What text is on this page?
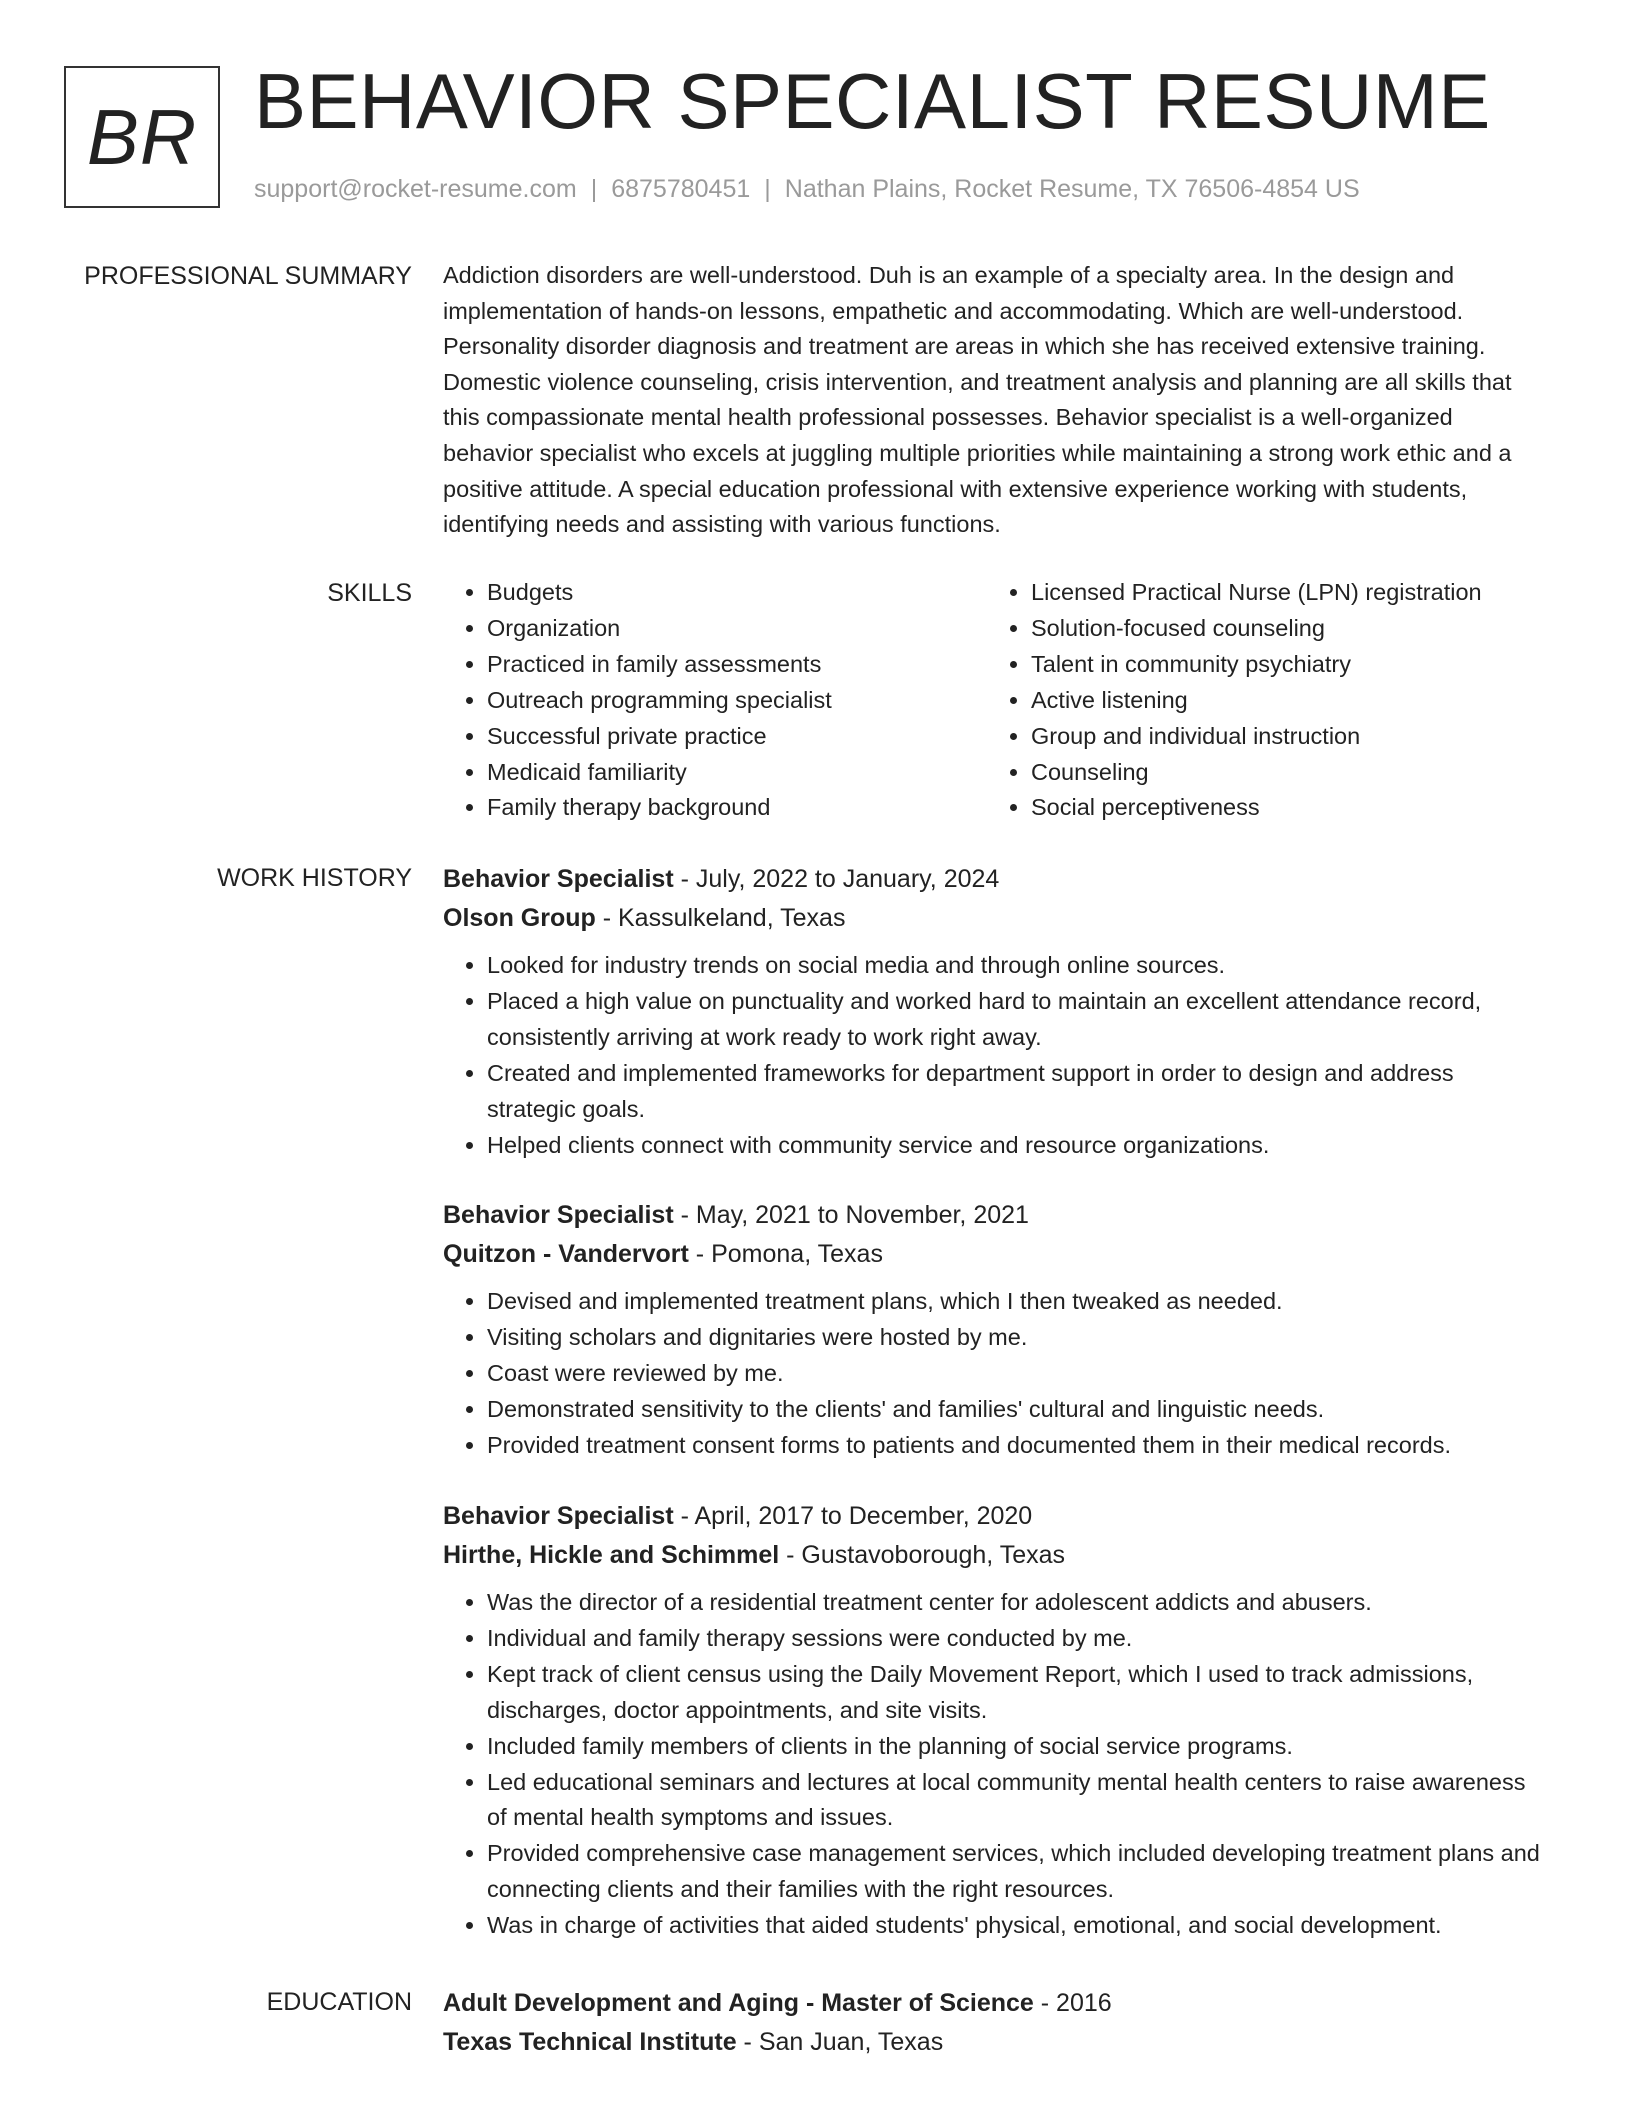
BR BEHAVIOR SPECIALIST RESUME
support@rocket-resume.com | 6875780451 | Nathan Plains, Rocket Resume, TX 76506-4854 US
PROFESSIONAL SUMMARY Addiction disorders are well-understood. Duh is an example of a specialty area. In the design and implementation of hands-on lessons, empathetic and accommodating. Which are well-understood. Personality disorder diagnosis and treatment are areas in which she has received extensive training. Domestic violence counseling, crisis intervention, and treatment analysis and planning are all skills that this compassionate mental health professional possesses. Behavior specialist is a well-organized behavior specialist who excels at juggling multiple priorities while maintaining a strong work ethic and a positive attitude. A special education professional with extensive experience working with students, identifying needs and assisting with various functions.

SKILLS
•	Budgets
• Organization
• Practiced in family assessments
• Outreach programming specialist
• Successful private practice
• Medicaid familiarity
• Family therapy background
• Licensed Practical Nurse (LPN) registration
• Solution-focused counseling
• Talent in community psychiatry
• Active listening
• Group and individual instruction
• Counseling
• Social perceptiveness
WORK HISTORY Behavior Specialist - July, 2022 to January, 2024
Olson Group - Kassulkeland, Texas
• Looked for industry trends on social media and through online sources.
• Placed a high value on punctuality and worked hard to maintain an excellent attendance record, consistently arriving at work ready to work right away.
• Created and implemented frameworks for department support in order to design and address strategic goals.
• Helped clients connect with community service and resource organizations.
Behavior Specialist - May, 2021 to November, 2021
Quitzon - Vandervort - Pomona, Texas
• Devised and implemented treatment plans, which I then tweaked as needed.
• Visiting scholars and dignitaries were hosted by me.
• Coast were reviewed by me.
• Demonstrated sensitivity to the clients' and families' cultural and linguistic needs.
• Provided treatment consent forms to patients and documented them in their medical records.
Behavior Specialist - April, 2017 to December, 2020
Hirthe, Hickle and Schimmel - Gustavoborough, Texas
• Was the director of a residential treatment center for adolescent addicts and abusers.
• Individual and family therapy sessions were conducted by me.
• Kept track of client census using the Daily Movement Report, which I used to track admissions, discharges, doctor appointments, and site visits.
• Included family members of clients in the planning of social service programs.
• Led educational seminars and lectures at local community mental health centers to raise awareness of mental health symptoms and issues.
• Provided comprehensive case management services, which included developing treatment plans and connecting clients and their families with the right resources.
• Was in charge of activities that aided students' physical, emotional, and social development.
EDUCATION Adult Development and Aging - Master of Science - 2016
Texas Technical Institute - San Juan, Texas
